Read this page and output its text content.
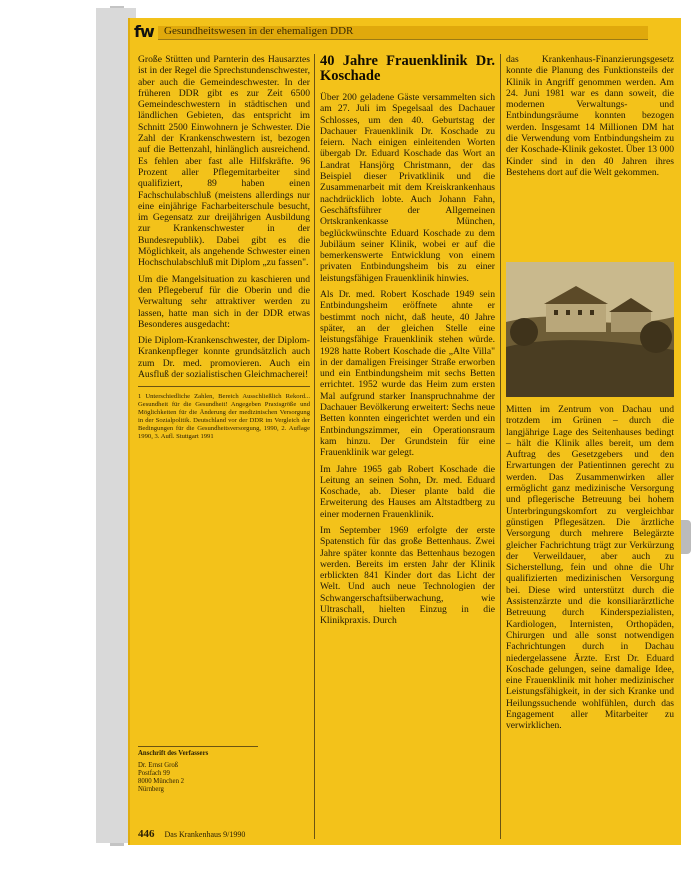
fw Gesundheitswesen in der ehemaligen DDR

Große Stütten und Parnterin des Hausarztes ist in der Regel die Sprechstundenschwester, aber auch die Gemeindeschwester. In der früheren DDR gibt es zur Zeit 6500 Gemeindeschwestern in städtischen und ländlichen Gebieten, das entspricht im Schnitt 2500 Einwohnern je Schwester. Die Zahl der Krankenschwestern ist, bezogen auf die Bettenzahl, hinlänglich ausreichend. Es fehlen aber fast alle Hilfskräfte. 96 Prozent aller Pflegemitarbeiter sind qualifiziert, 89 haben einen Fachschulabschluß (meistens allerdings nur eine einjährige Facharbeiterschule besucht, im Gegensatz zur dreijährigen Ausbildung zur Krankenschwester in der Bundesrepublik). Dabei gibt es die Möglichkeit, als angehende Schwester einen Hochschulabschluß mit Diplom „zu fassen".

Um die Mangelsituation zu kaschieren und den Pflegeberuf für die Oberin und die Verwaltung sehr attraktiver werden zu lassen, hatte man sich in der DDR etwas Besonderes ausgedacht:

Die Diplom-Krankenschwester, der Diplom-Krankenpfleger konnte grundsätzlich auch zum Dr. med. promovieren. Auch ein Ausfluß der sozialistischen Gleichmacherei!

1 Unterschiedliche Zahlen, Bereich Ausschließlich Rekord... Gesundheit für die Gesundheit! Angegeben Praxisgröße und Möglichkeiten für die Änderung der medizinischen Versorgung in der Sozialpolitik. Deutschland vor der DDR im Vergleich der Bedingungen für die Gesundheitsversorgung, 1990, 2. Auflage 1990, 3. Aufl. Stuttgart 1991
Anschrift des Verfassers
Dr. Ernst Groß
Postfach 99
8000 München 2
Nürnberg
446 Das Krankenhaus 9/1990
40 Jahre Frauenklinik Dr. Koschade

Über 200 geladene Gäste versammelten sich am 27. Juli im Spegelsaal des Dachauer Schlosses, um den 40. Geburtstag der Dachauer Frauenklinik Dr. Koschade zu feiern. Nach einigen einleitenden Worten übergab Dr. Eduard Koschade das Wort an Landrat Hansjörg Christmann, der das Beispiel dieser Privatklinik und die Zusammenarbeit mit dem Kreiskrankenhaus nachdrücklich lobte. Auch Johann Fahn, Geschäftsführer der Allgemeinen Ortskrankenkasse München, beglückwünschte Eduard Koschade zu dem Jubiläum seiner Klinik, wobei er auf die bemerkenswerte Entwicklung von einem privaten Entbindungsheim bis zu einer leistungsfähigen Frauenklinik hinwies.

Als Dr. med. Robert Koschade 1949 sein Entbindungsheim eröffnete ahnte er bestimmt noch nicht, daß heute, 40 Jahre später, an der gleichen Stelle eine leistungsfähige Frauenklinik stehen würde. 1928 hatte Robert Koschade die „Alte Villa" in der damaligen Freisinger Straße erworben und ein Entbindungsheim mit sechs Betten errichtet. 1952 wurde das Heim zum ersten Mal aufgrund starker Inanspruchnahme der Dachauer Bevölkerung erweitert: Sechs neue Betten konnten eingerichtet werden und ein Entbindungszimmer, ein Operationsraum kam hinzu. Der Grundstein für eine Frauenklinik war gelegt.

Im Jahre 1965 gab Robert Koschade die Leitung an seinen Sohn, Dr. med. Eduard Koschade, ab. Dieser plante bald die Erweiterung des Hauses am Altstadtberg zu einer modernen Frauenklinik.

Im September 1969 erfolgte der erste Spatenstich für das große Bettenhaus. Zwei Jahre später konnte das Bettenhaus bezogen werden. Bereits im ersten Jahr der Klinik erblickten 841 Kinder dort das Licht der Welt. Und auch neue Technologien der Schwangerschaftsüberwachung, wie Ultraschall, hielten Einzug in die Klinikpraxis. Durch

das Krankenhaus-Finanzierungsgesetz konnte die Planung des Funktionsteils der Klinik in Angriff genommen werden. Am 24. Juni 1981 war es dann soweit, die modernen Verwaltungs- und Entbindungsräume konnten bezogen werden. Insgesamt 14 Millionen DM hat die Verwendung vom Entbindungsheim zu der Koschade-Klinik gekostet. Über 13 000 Kinder sind in den 40 Jahren ihres Bestehens dort auf die Welt gekommen.

Mitten im Zentrum von Dachau und trotzdem im Grünen – durch die langjährige Lage des Seitenhauses bedingt – hält die Klinik alles bereit, um dem Auftrag des Gesetzgebers und den Erwartungen der Patientinnen gerecht zu werden. Das Zusammenwirken aller ermöglicht ganz medizinische Versorgung und pflegerische Betreuung bei hohem Unterbringungskomfort zu vergleichbar günstigen Pflegesätzen. Die ärztliche Versorgung durch mehrere Belegärzte gleicher Fachrichtung trägt zur Verkürzung der Verweildauer, aber auch zu Sicherstellung, fein und ohne die Uhr qualifizierten medizinischen Versorgung bei. Diese wird unterstützt durch die Assistenzärzte und die konsiliarärztliche Betreuung durch Kinderspezialisten, Kardiologen, Internisten, Orthopäden, Chirurgen und alle sonst notwendigen Fachrichtungen durch in Dachau niedergelassene Ärzte. Erst Dr. Eduard Koschade gelungen, seine damalige Idee, eine Frauenklinik mit hoher medizinischer Leistungsfähigkeit, in der sich Kranke und Heilungssuchende wohlfühlen, durch das Engagement aller Mitarbeiter zu verwirklichen.
